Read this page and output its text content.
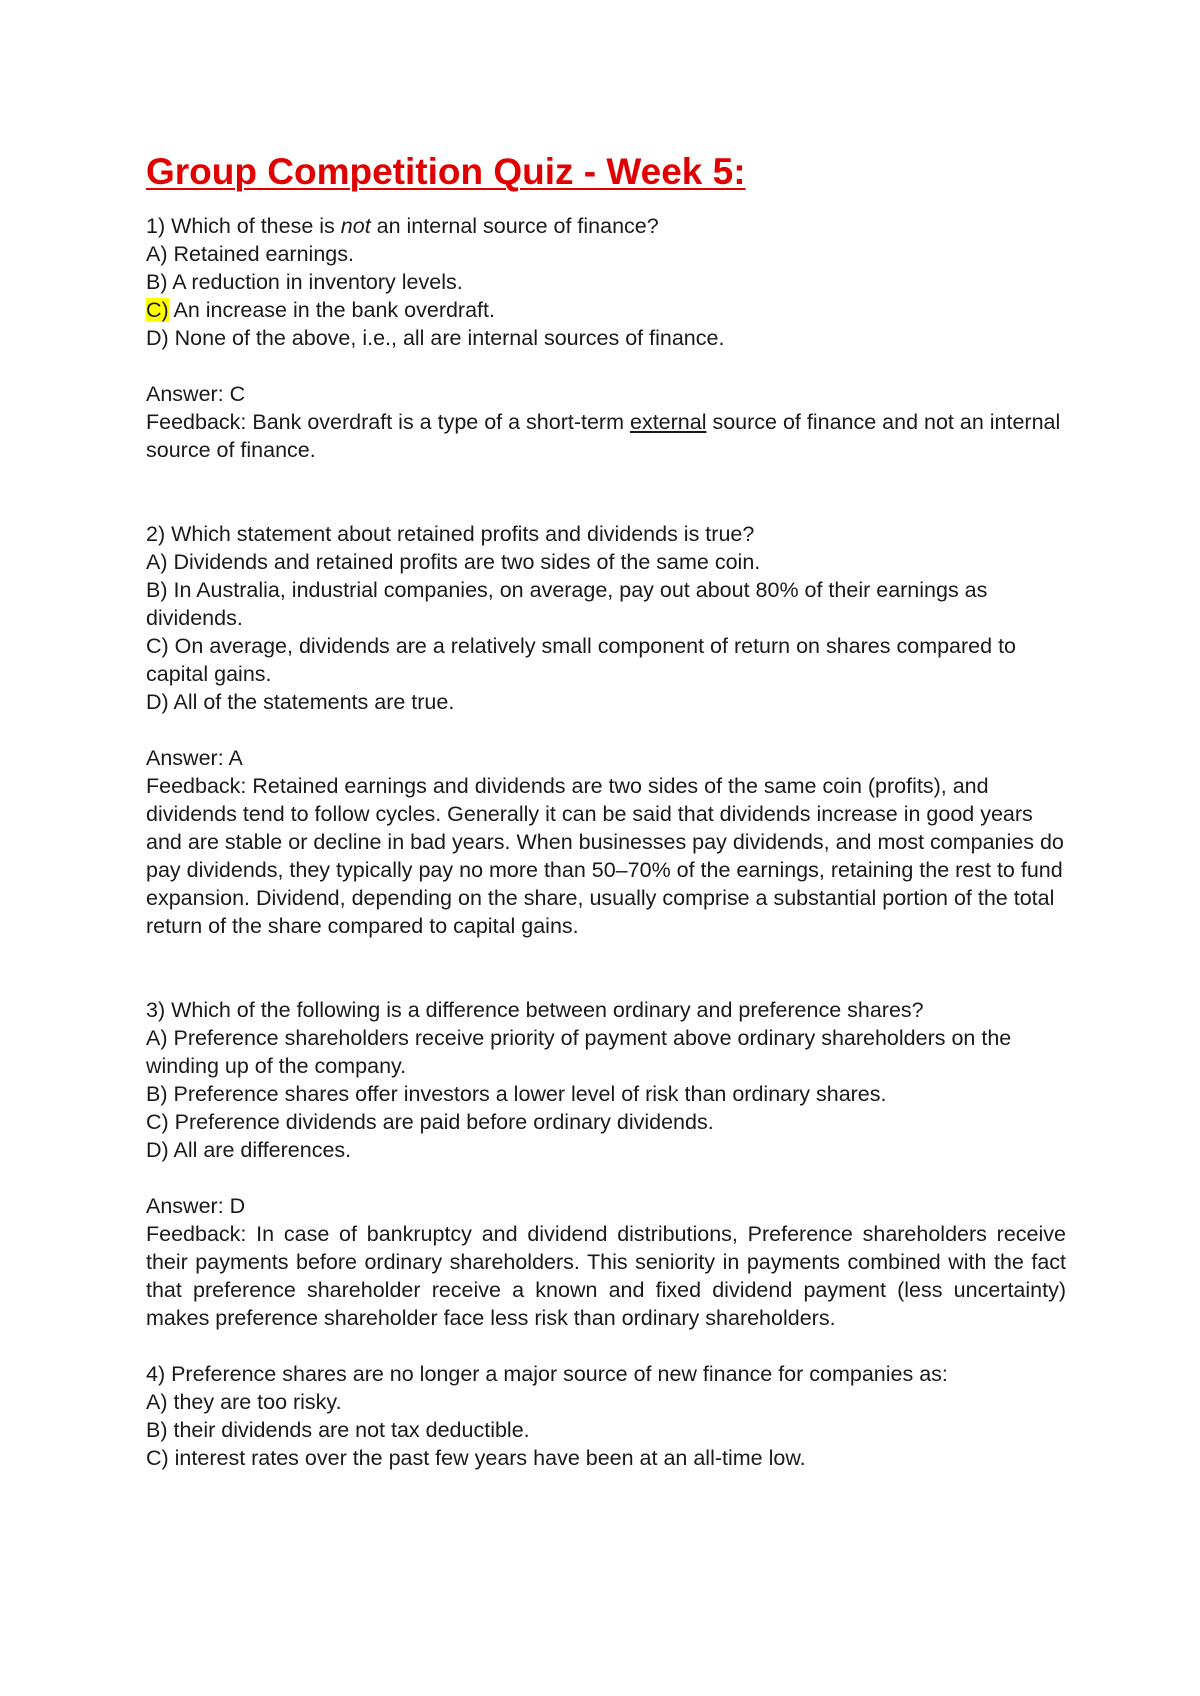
Group Competition Quiz - Week 5:
1) Which of these is not an internal source of finance?
A) Retained earnings.
B) A reduction in inventory levels.
C) An increase in the bank overdraft.
D) None of the above, i.e., all are internal sources of finance.
Answer: C
Feedback: Bank overdraft is a type of a short-term external source of finance and not an internal source of finance.
2) Which statement about retained profits and dividends is true?
A) Dividends and retained profits are two sides of the same coin.
B) In Australia, industrial companies, on average, pay out about 80% of their earnings as dividends.
C) On average, dividends are a relatively small component of return on shares compared to capital gains.
D) All of the statements are true.
Answer: A
Feedback: Retained earnings and dividends are two sides of the same coin (profits), and dividends tend to follow cycles. Generally it can be said that dividends increase in good years and are stable or decline in bad years. When businesses pay dividends, and most companies do pay dividends, they typically pay no more than 50–70% of the earnings, retaining the rest to fund expansion. Dividend, depending on the share, usually comprise a substantial portion of the total return of the share compared to capital gains.
3) Which of the following is a difference between ordinary and preference shares?
A) Preference shareholders receive priority of payment above ordinary shareholders on the winding up of the company.
B) Preference shares offer investors a lower level of risk than ordinary shares.
C) Preference dividends are paid before ordinary dividends.
D) All are differences.
Answer: D
Feedback: In case of bankruptcy and dividend distributions, Preference shareholders receive their payments before ordinary shareholders. This seniority in payments combined with the fact that preference shareholder receive a known and fixed dividend payment (less uncertainty) makes preference shareholder face less risk than ordinary shareholders.
4) Preference shares are no longer a major source of new finance for companies as:
A) they are too risky.
B) their dividends are not tax deductible.
C) interest rates over the past few years have been at an all-time low.
